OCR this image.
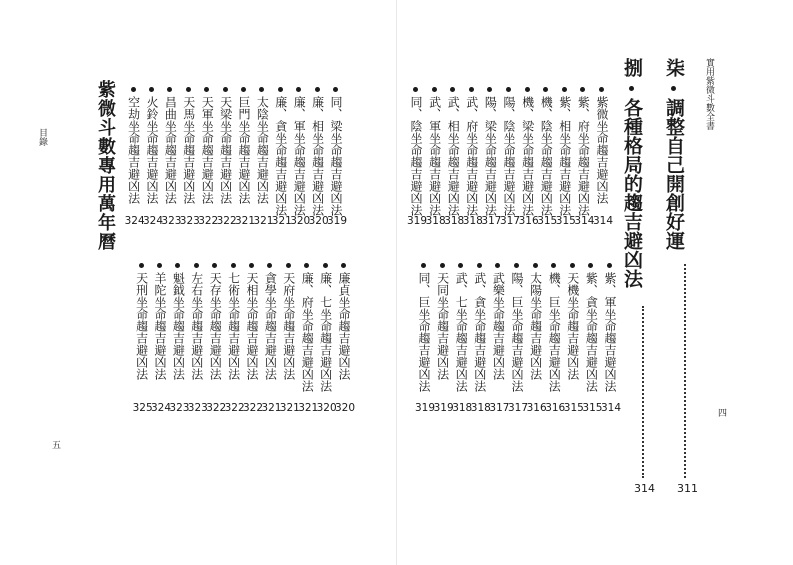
目錄
五
同、梁坐命趨吉避凶法
319
廉、相坐命趨吉避凶法
320
廉、軍坐命趨吉避凶法
320
廉、貪坐命趨吉避凶法
321
太陰坐命趨吉避凶法
321
巨門坐命趨吉避凶法
321
天梁坐命趨吉避凶法
322
天軍坐命趨吉避凶法
322
天馬坐命趨吉避凶法
323
昌曲坐命趨吉避凶法
323
火鈴坐命趨吉避凶法
324
空劫坐命趨吉避凶法
324
廉貞坐命趨吉避凶法
320
廉、七坐命趨吉避凶法
320
廉、府坐命趨吉避凶法
321
天府坐命趨吉避凶法
321
貪學坐命趨吉避凶法
321
天相坐命趨吉避凶法
322
七術坐命趨吉避凶法
322
天存坐命趨吉避凶法
322
左右坐命趨吉避凶法
323
魁鉞坐命趨吉避凶法
323
羊陀坐命趨吉避凶法
324
天刑坐命趨吉避凶法
325
紫微斗數專用萬年曆	實用紫微斗數全書
四
柒
調整自己開創好運
311
捌
各種格局的趨吉避凶法
314
紫微坐命趨吉避凶法
314
紫、府坐命趨吉避凶法
314
紫、相坐命趨吉避凶法
315
機、陰坐命趨吉避凶法
315
機、梁坐命趨吉避凶法
316
陽、陰坐命趨吉避凶法
317
陽、梁坐命趨吉避凶法
317
武、府坐命趨吉避凶法
318
武、相坐命趨吉避凶法
318
武、軍坐命趨吉避凶法
318
同、陰坐命趨吉避凶法
319
紫、軍坐命趨吉避凶法
314
紫、貪坐命趨吉避凶法
315
天機坐命趨吉避凶法
315
機、巨坐命趨吉避凶法
316
太陽坐命趨吉避凶法
316
陽、巨坐命趨吉避凶法
317
武樂坐命趨吉避凶法
317
武、貪坐命趨吉避凶法
318
武、七坐命趨吉避凶法
318
天同坐命趨吉避凶法
319
同、巨坐命趨吉避凶法
319
